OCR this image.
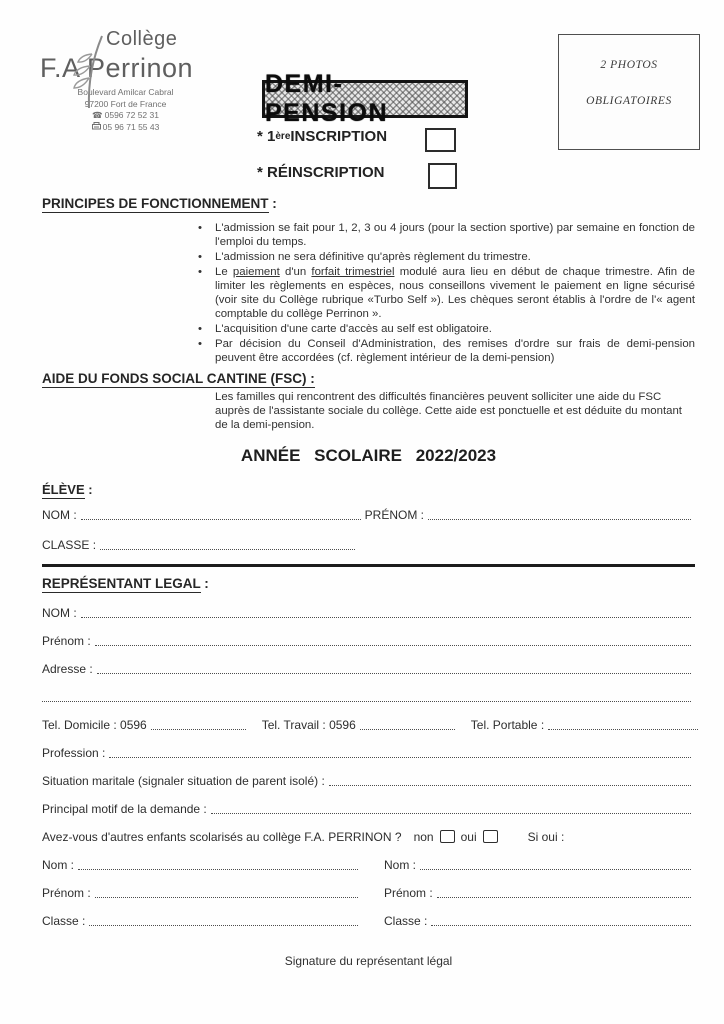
Collège
F.A Perrinon
Boulevard Amilcar Cabral
97200 Fort de France
☎ 0596 72 52 31
05 96 71 55 43
DEMI-PENSION
* 1 ère INSCRIPTION
* RÉINSCRIPTION
2 PHOTOS
OBLIGATOIRES
PRINCIPES DE FONCTIONNEMENT :
• L'admission se fait pour 1, 2, 3 ou 4 jours (pour la section sportive) par semaine en fonction de l'emploi du temps.
• L'admission ne sera définitive qu'après règlement du trimestre.
• Le paiement d'un forfait trimestriel modulé aura lieu en début de chaque trimestre. Afin de limiter les règlements en espèces, nous conseillons vivement le paiement en ligne sécurisé (voir site du Collège rubrique «Turbo Self »). Les chèques seront établis à l'ordre de l'« agent comptable du collège Perrinon ».
• L'acquisition d'une carte d'accès au self est obligatoire.
• Par décision du Conseil d'Administration, des remises d'ordre sur frais de demi-pension peuvent être accordées (cf. règlement intérieur de la demi-pension)
AIDE DU FONDS SOCIAL CANTINE (FSC) :

Les familles qui rencontrent des difficultés financières peuvent solliciter une aide du FSC auprès de l'assistante sociale du collège. Cette aide est ponctuelle et est déduite du montant de la demi-pension.

ANNÉE SCOLAIRE 2022/2023
ÉLÈVE :
NOM :	PRÉNOM :
CLASSE :
REPRÉSENTANT LEGAL :
NOM :
Prénom :
Adresse :
Tel. Domicile : 0596	Tel. Travail : 0596	Tel. Portable :
Profession :
Situation maritale (signaler situation de parent isolé) :
Principal motif de la demande :
Avez-vous d'autres enfants scolarisés au collège F.A. PERRINON ? non oui	Si oui :
Nom :	Nom :
Prénom :	Prénom :
Classe :	Classe :
Signature du représentant légal
